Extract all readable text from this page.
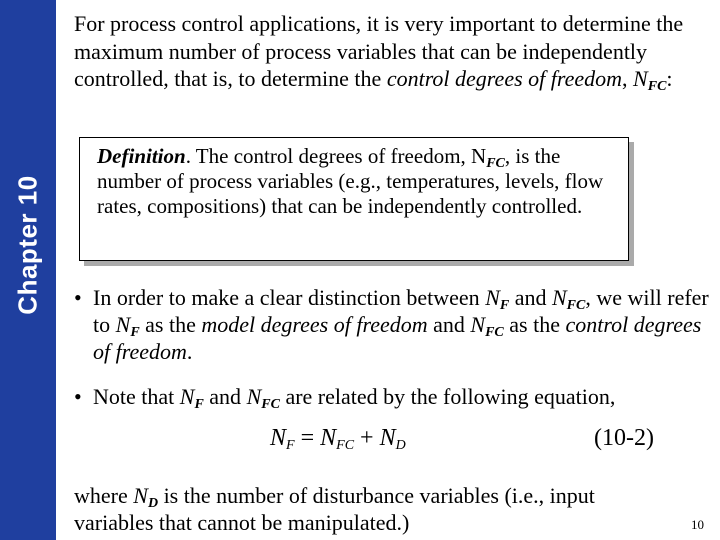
Chapter 10
For process control applications, it is very important to determine the maximum number of process variables that can be independently controlled, that is, to determine the control degrees of freedom, $N_{FC}$:
Definition. The control degrees of freedom, $N_{FC}$, is the number of process variables (e.g., temperatures, levels, flow rates, compositions) that can be independently controlled.
• In order to make a clear distinction between $N_F$ and $N_{FC}$, we will refer to $N_F$ as the model degrees of freedom and $N_{FC}$ as the control degrees of freedom.
• Note that $N_F$ and $N_{FC}$ are related by the following equation,
$N_F = N_{FC} + N_D$	(10-2)
where $N_D$ is the number of disturbance variables (i.e., input variables that cannot be manipulated.)	10
